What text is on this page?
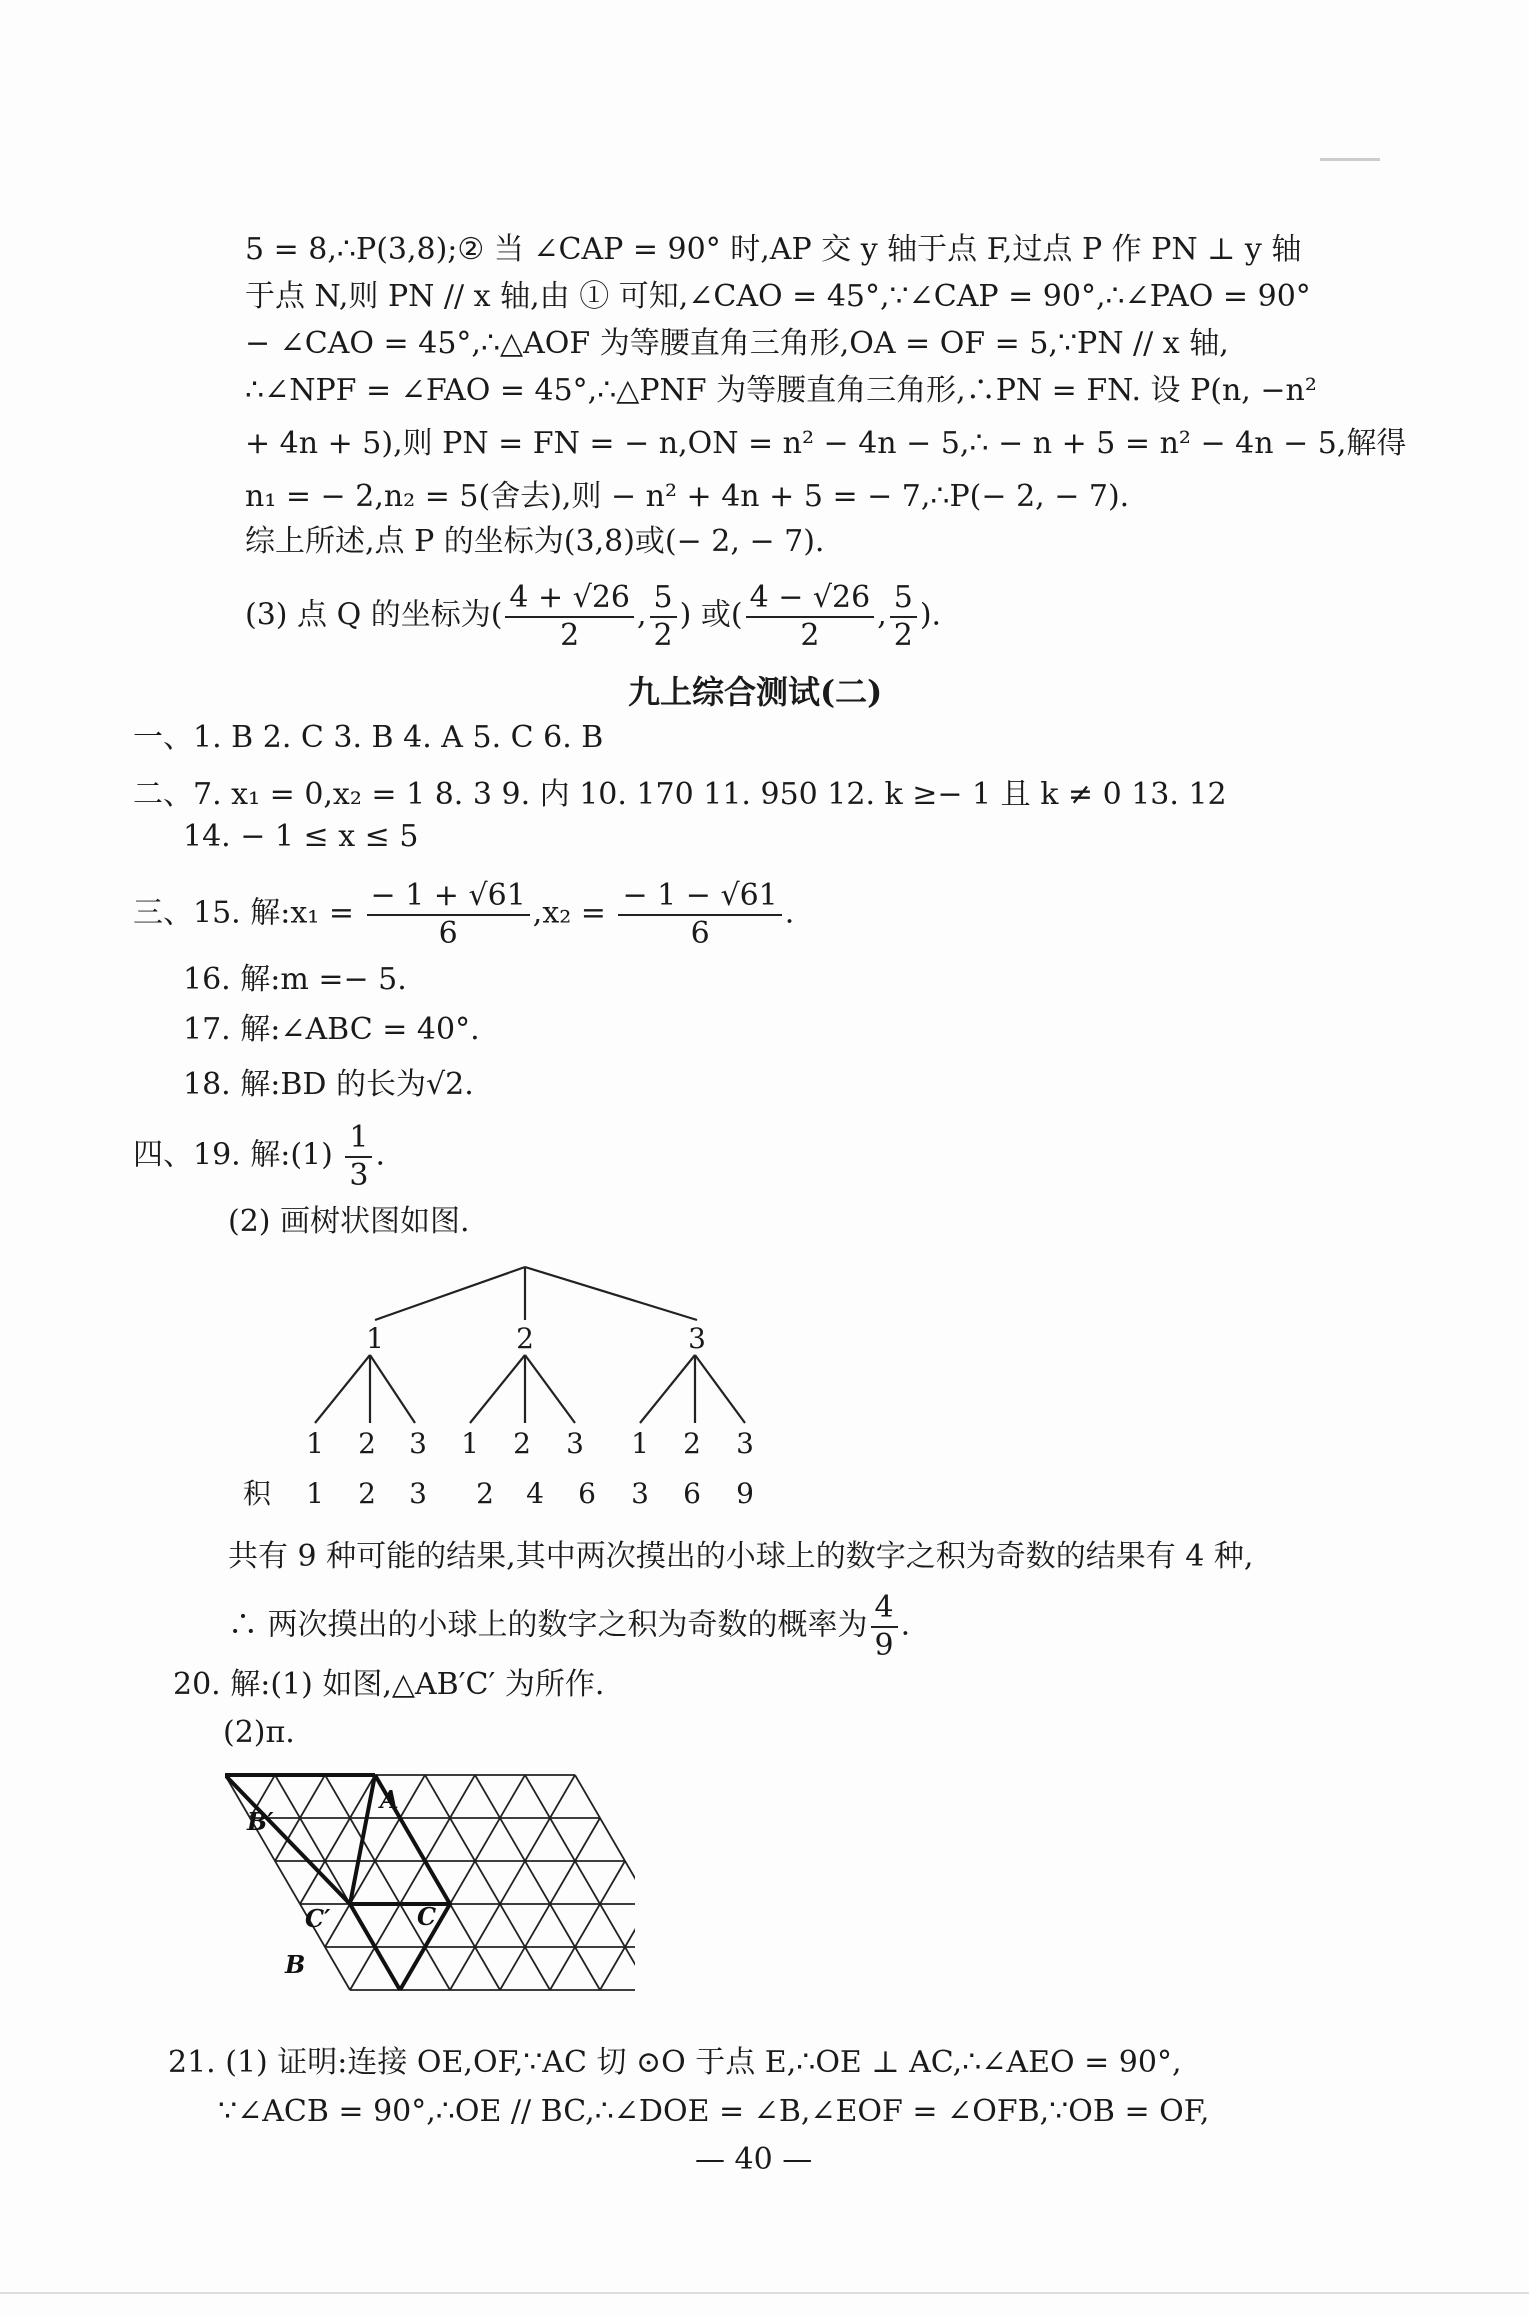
5 = 8,∴P(3,8);② 当 ∠CAP = 90° 时,AP 交 y 轴于点 F,过点 P 作 PN ⊥ y 轴
于点 N,则 PN // x 轴,由 ① 可知,∠CAO = 45°,∵∠CAP = 90°,∴∠PAO = 90°
− ∠CAO = 45°,∴△AOF 为等腰直角三角形,OA = OF = 5,∵PN // x 轴,
∴∠NPF = ∠FAO = 45°,∴△PNF 为等腰直角三角形,∴PN = FN. 设 P(n, −n²
+ 4n + 5),则 PN = FN = − n,ON = n² − 4n − 5,∴ − n + 5 = n² − 4n − 5,解得
n₁ = − 2,n₂ = 5(舍去),则 − n² + 4n + 5 = − 7,∴P(− 2, − 7).
综上所述,点 P 的坐标为(3,8)或(− 2, − 7).
(3) 点 Q 的坐标为( $\frac{4 + √26}{2}$ , $\frac{5}{2}$ ) 或( $\frac{4 - √26}{2}$ , $\frac{5}{2}$ ).
九上综合测试(二)
一、1. B 2. C 3. B 4. A 5. C 6. B
二、7. x₁ = 0,x₂ = 1 8. 3 9. 内 10. 170 11. 950 12. k ≥− 1 且 k ≠ 0 13. 12
14. − 1 ≤ x ≤ 5
三、15. 解:x₁ = $\frac{- 1 + √61}{6} ,x_2 = \frac{- 1 - √61}{6}$ .
16. 解:m =− 5.
17. 解:∠ABC = 40°.
18. 解:BD 的长为√2.
四、19. 解:(1) $\frac{1}{3}$ .
(2) 画树状图如图.
1	2	3
1 2 3 1 2 3 1 2 3
积 1 2 3 2 4 6 3 6 9
共有 9 种可能的结果,其中两次摸出的小球上的数字之积为奇数的结果有 4 种,
∴ 两次摸出的小球上的数字之积为奇数的概率为 $\frac{4}{9}$ .
20. 解:(1) 如图,△AB′C′ 为所作.
(2)π.
A
B′
B
C′	C
21. (1) 证明:连接 OE,OF,∵AC 切 ⊙O 于点 E,∴OE ⊥ AC,∴∠AEO = 90°,
∵∠ACB = 90°,∴OE // BC,∴∠DOE = ∠B,∠EOF = ∠OFB,∵OB = OF,
— 40 —
